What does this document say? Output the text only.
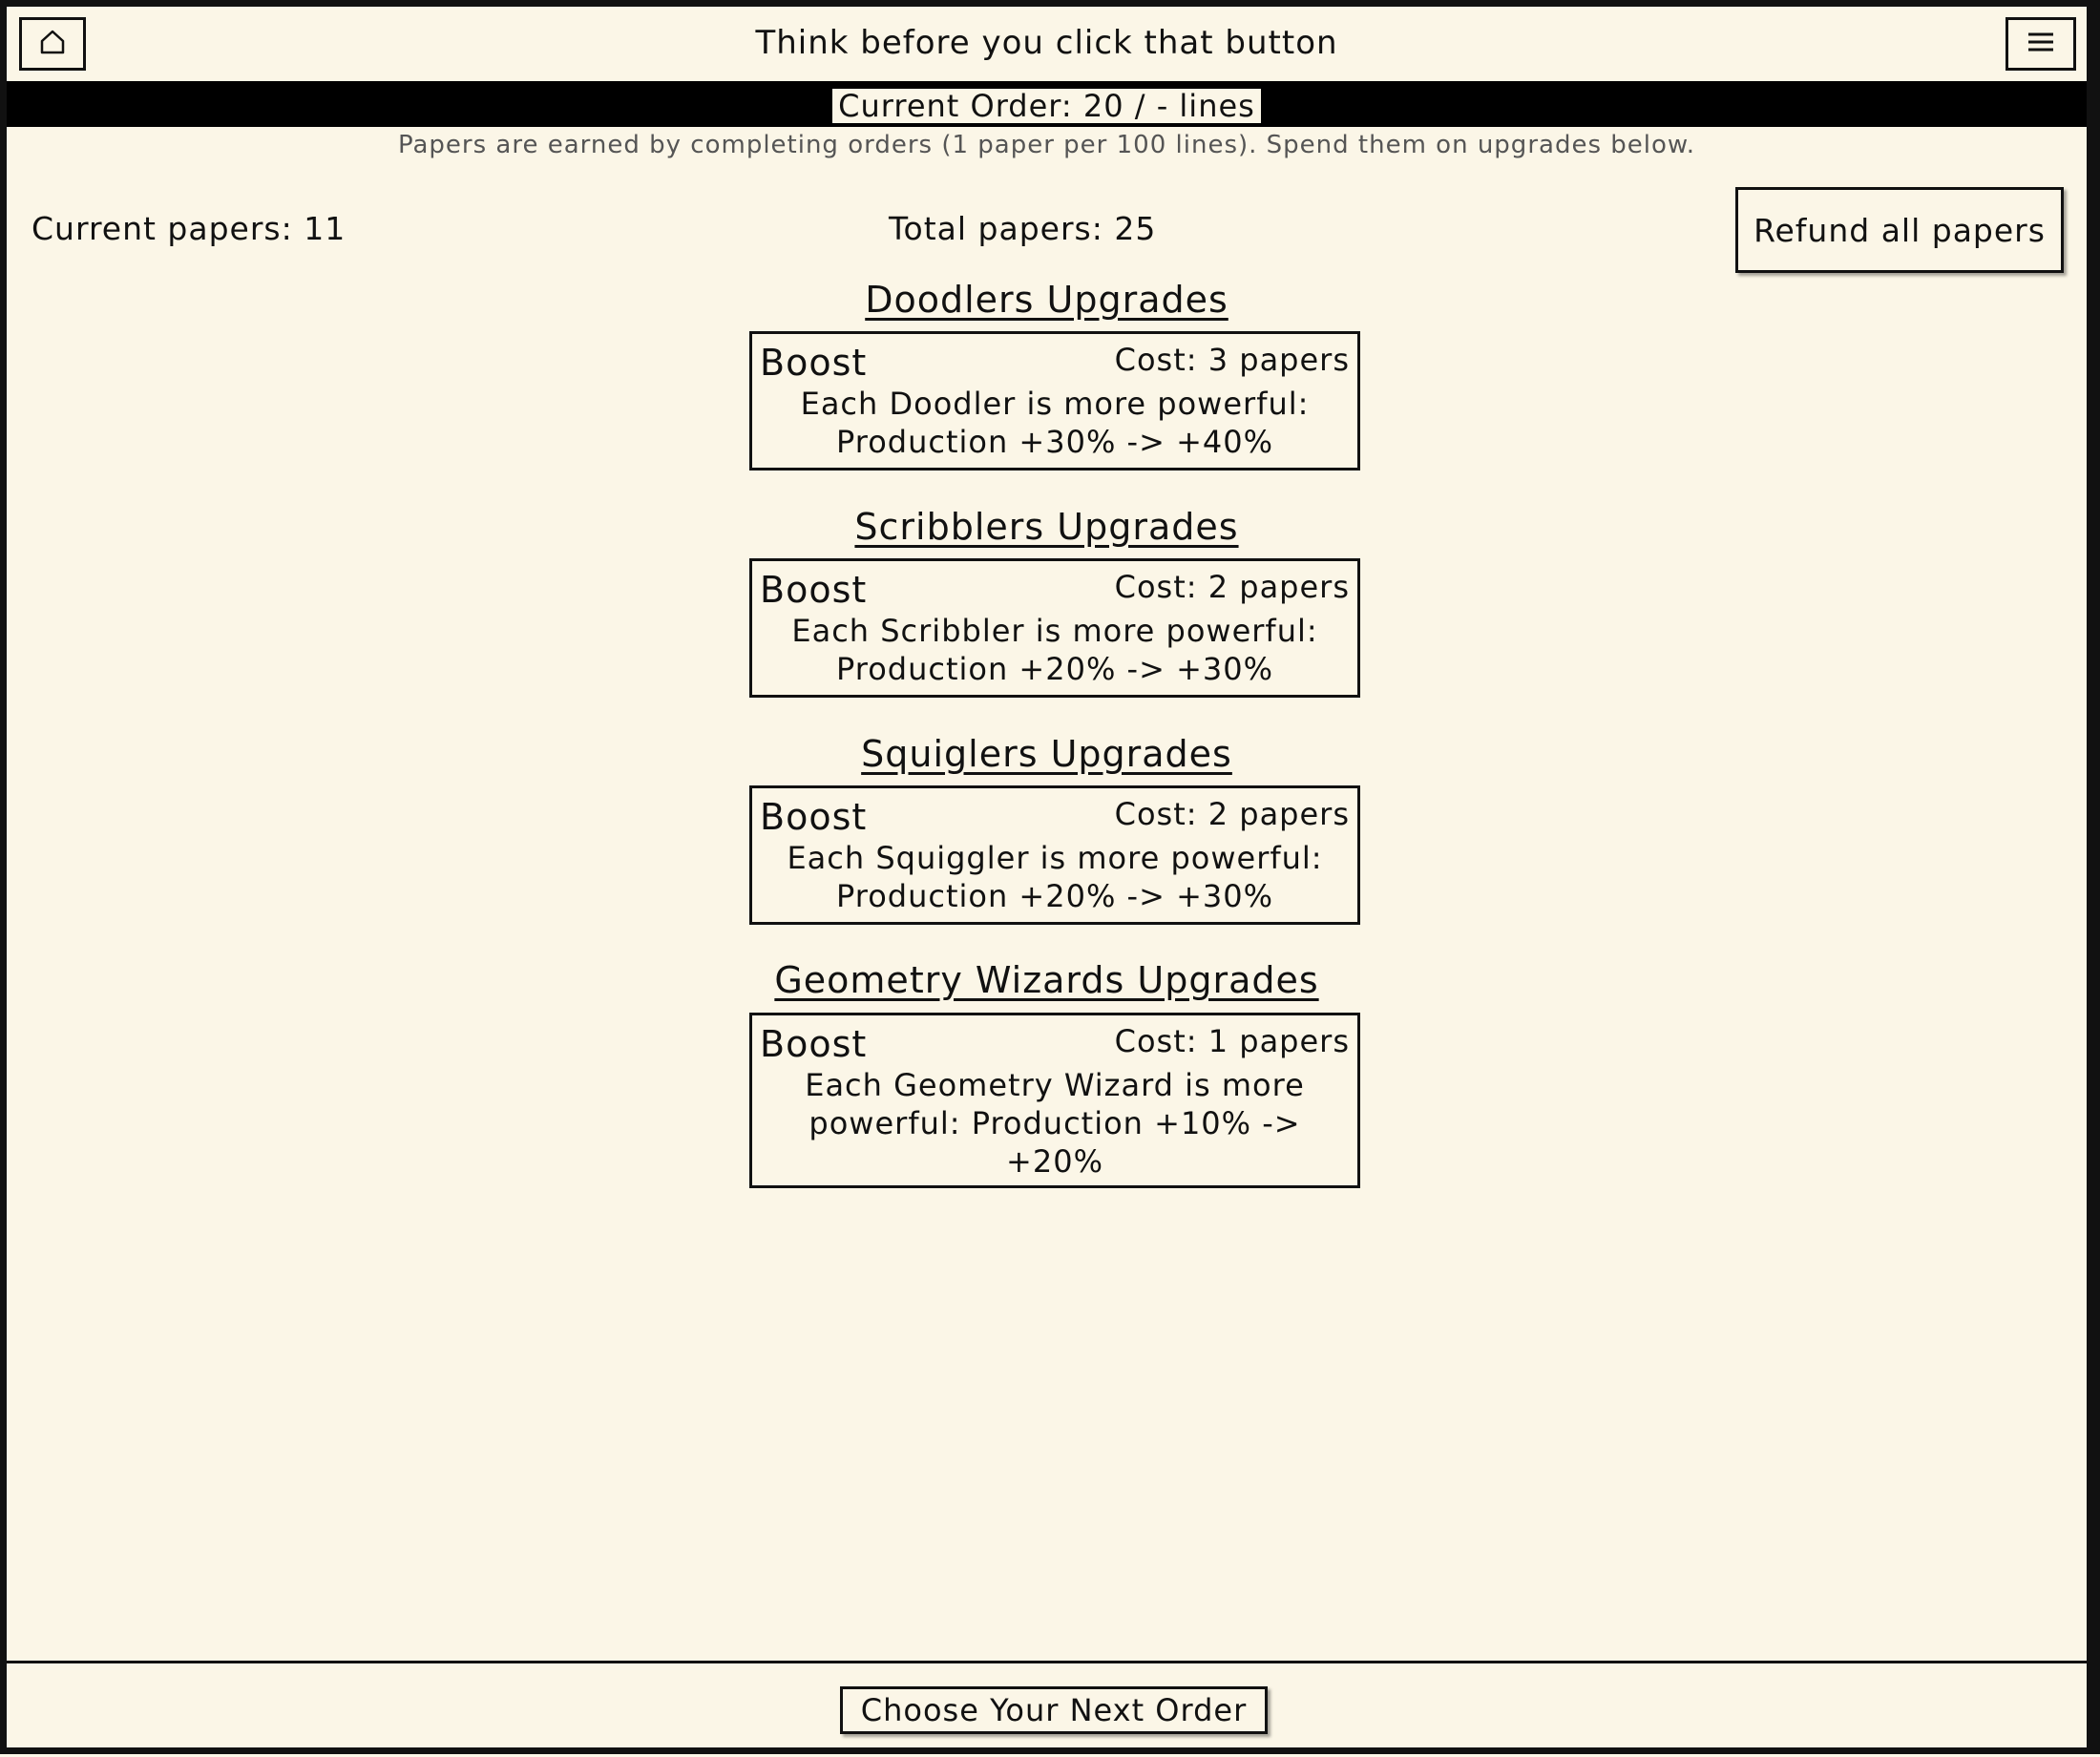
Think before you click that button
Current Order: 20 / - lines
Papers are earned by completing orders (1 paper per 100 lines). Spend them on upgrades below.
Current papers: 11	Total papers: 25	Refund all papers
Doodlers Upgrades
Boost	Cost: 3 papers
Each Doodler is more powerful: Production +30% -> +40%
Scribblers Upgrades
Boost	Cost: 2 papers
Each Scribbler is more powerful: Production +20% -> +30%
Squiglers Upgrades
Boost	Cost: 2 papers
Each Squiggler is more powerful: Production +20% -> +30%
Geometry Wizards Upgrades
Boost	Cost: 1 papers
Each Geometry Wizard is more powerful: Production +10% -> +20%
Choose Your Next Order
